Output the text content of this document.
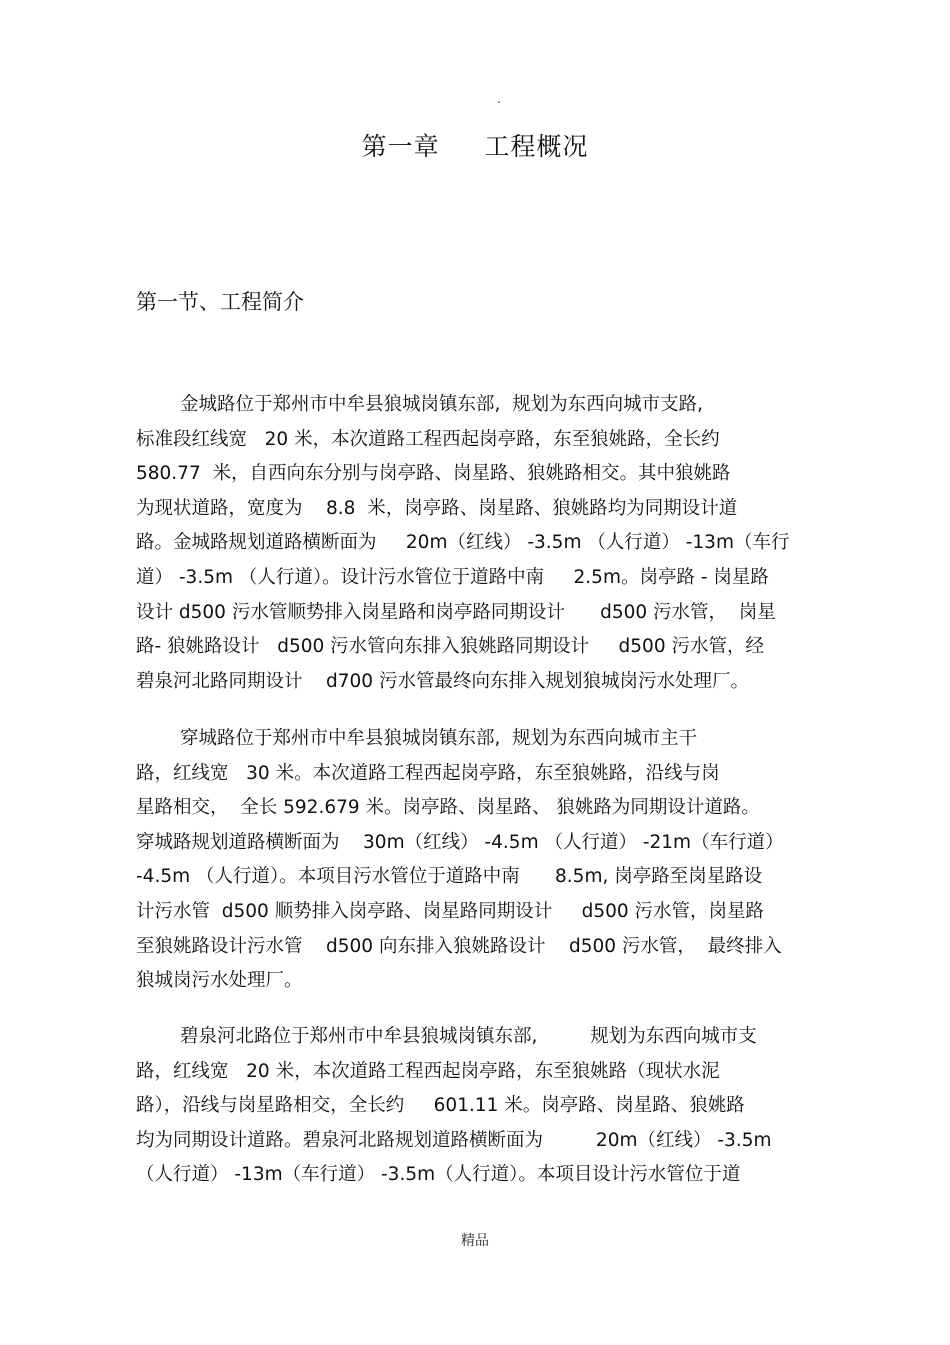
.
第一章     工程概况
第一节、工程简介
金城路位于郑州市中牟县狼城岗镇东部,  规划为东西向城市支路,
标准段红线宽   20 米，本次道路工程西起岗亭路，东至狼姚路，全长约
580.77  米，自西向东分别与岗亭路、岗星路、狼姚路相交。其中狼姚路
为现状道路，宽度为    8.8  米，岗亭路、岗星路、狼姚路均为同期设计道
路。金城路规划道路横断面为     20m（红线） -3.5m （人行道） -13m（车行
道） -3.5m （人行道）。设计污水管位于道路中南     2.5m。岗亭路 - 岗星路
设计 d500 污水管顺势排入岗星路和岗亭路同期设计      d500 污水管，  岗星
路- 狼姚路设计   d500 污水管向东排入狼姚路同期设计     d500 污水管，经
碧泉河北路同期设计    d700 污水管最终向东排入规划狼城岗污水处理厂。
穿城路位于郑州市中牟县狼城岗镇东部,  规划为东西向城市主干
路，红线宽   30 米。本次道路工程西起岗亭路，东至狼姚路，沿线与岗
星路相交，  全长 592.679 米。岗亭路、岗星路、 狼姚路为同期设计道路。
穿城路规划道路横断面为    30m（红线） -4.5m （人行道） -21m（车行道）
-4.5m （人行道）。本项目污水管位于道路中南      8.5m, 岗亭路至岗星路设
计污水管  d500 顺势排入岗亭路、岗星路同期设计     d500 污水管，岗星路
至狼姚路设计污水管    d500 向东排入狼姚路设计    d500 污水管，  最终排入
狼城岗污水处理厂。
碧泉河北路位于郑州市中牟县狼城岗镇东部,         规划为东西向城市支
路，红线宽   20 米，本次道路工程西起岗亭路，东至狼姚路（现状水泥
路），沿线与岗星路相交，全长约     601.11 米。岗亭路、岗星路、狼姚路
均为同期设计道路。碧泉河北路规划道路横断面为         20m（红线） -3.5m
（人行道） -13m（车行道） -3.5m（人行道）。本项目设计污水管位于道
精品
